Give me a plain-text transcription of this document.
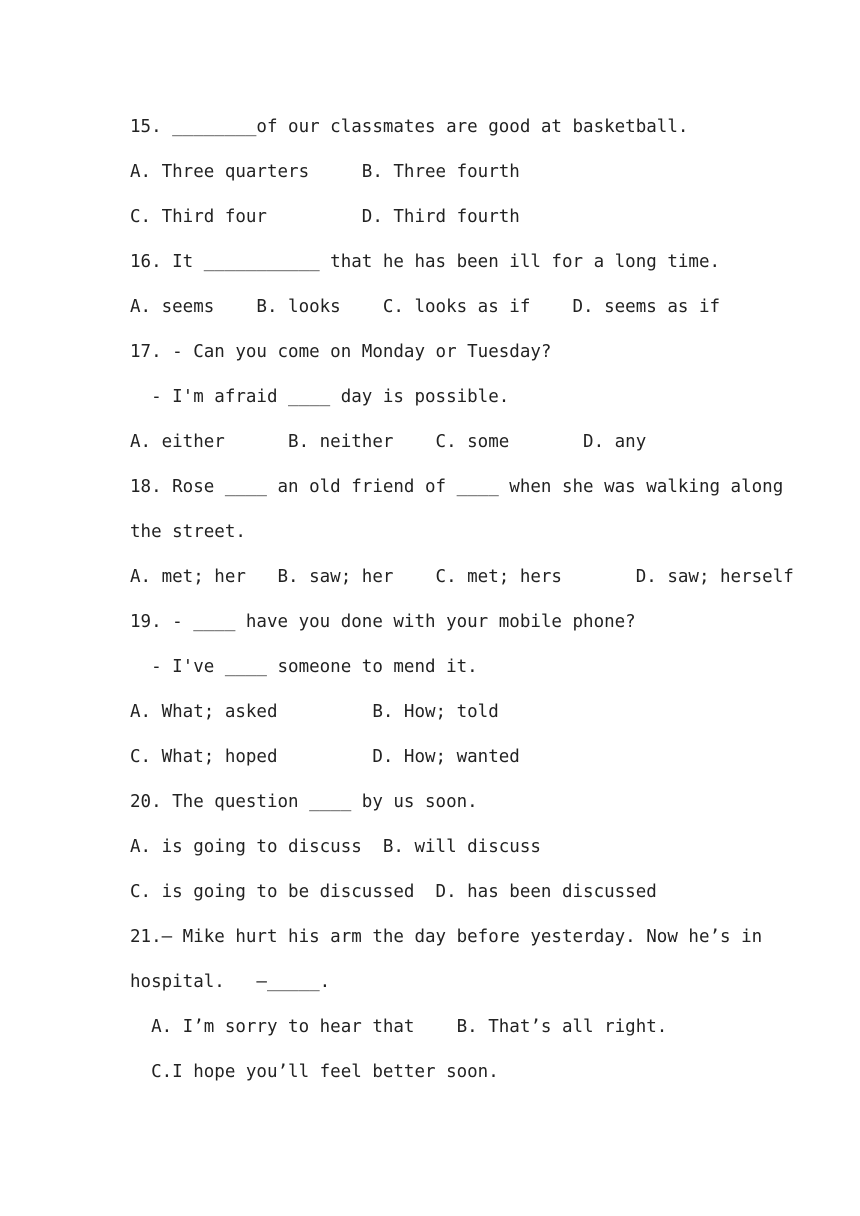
15. ________of our classmates are good at basketball.
A. Three quarters     B. Three fourth
C. Third four         D. Third fourth
16. It ___________ that he has been ill for a long time.
A. seems    B. looks    C. looks as if    D. seems as if
17. - Can you come on Monday or Tuesday?
- I'm afraid ____ day is possible.
A. either      B. neither    C. some       D. any
18. Rose ____ an old friend of ____ when she was walking along
the street.
A. met; her   B. saw; her    C. met; hers       D. saw; herself
19. - ____ have you done with your mobile phone?
- I've ____ someone to mend it.
A. What; asked         B. How; told
C. What; hoped         D. How; wanted
20. The question ____ by us soon.
A. is going to discuss  B. will discuss
C. is going to be discussed  D. has been discussed
21.— Mike hurt his arm the day before yesterday. Now he’s in
hospital.   —_____.
A. I’m sorry to hear that    B. That’s all right.
C.I hope you’ll feel better soon.
